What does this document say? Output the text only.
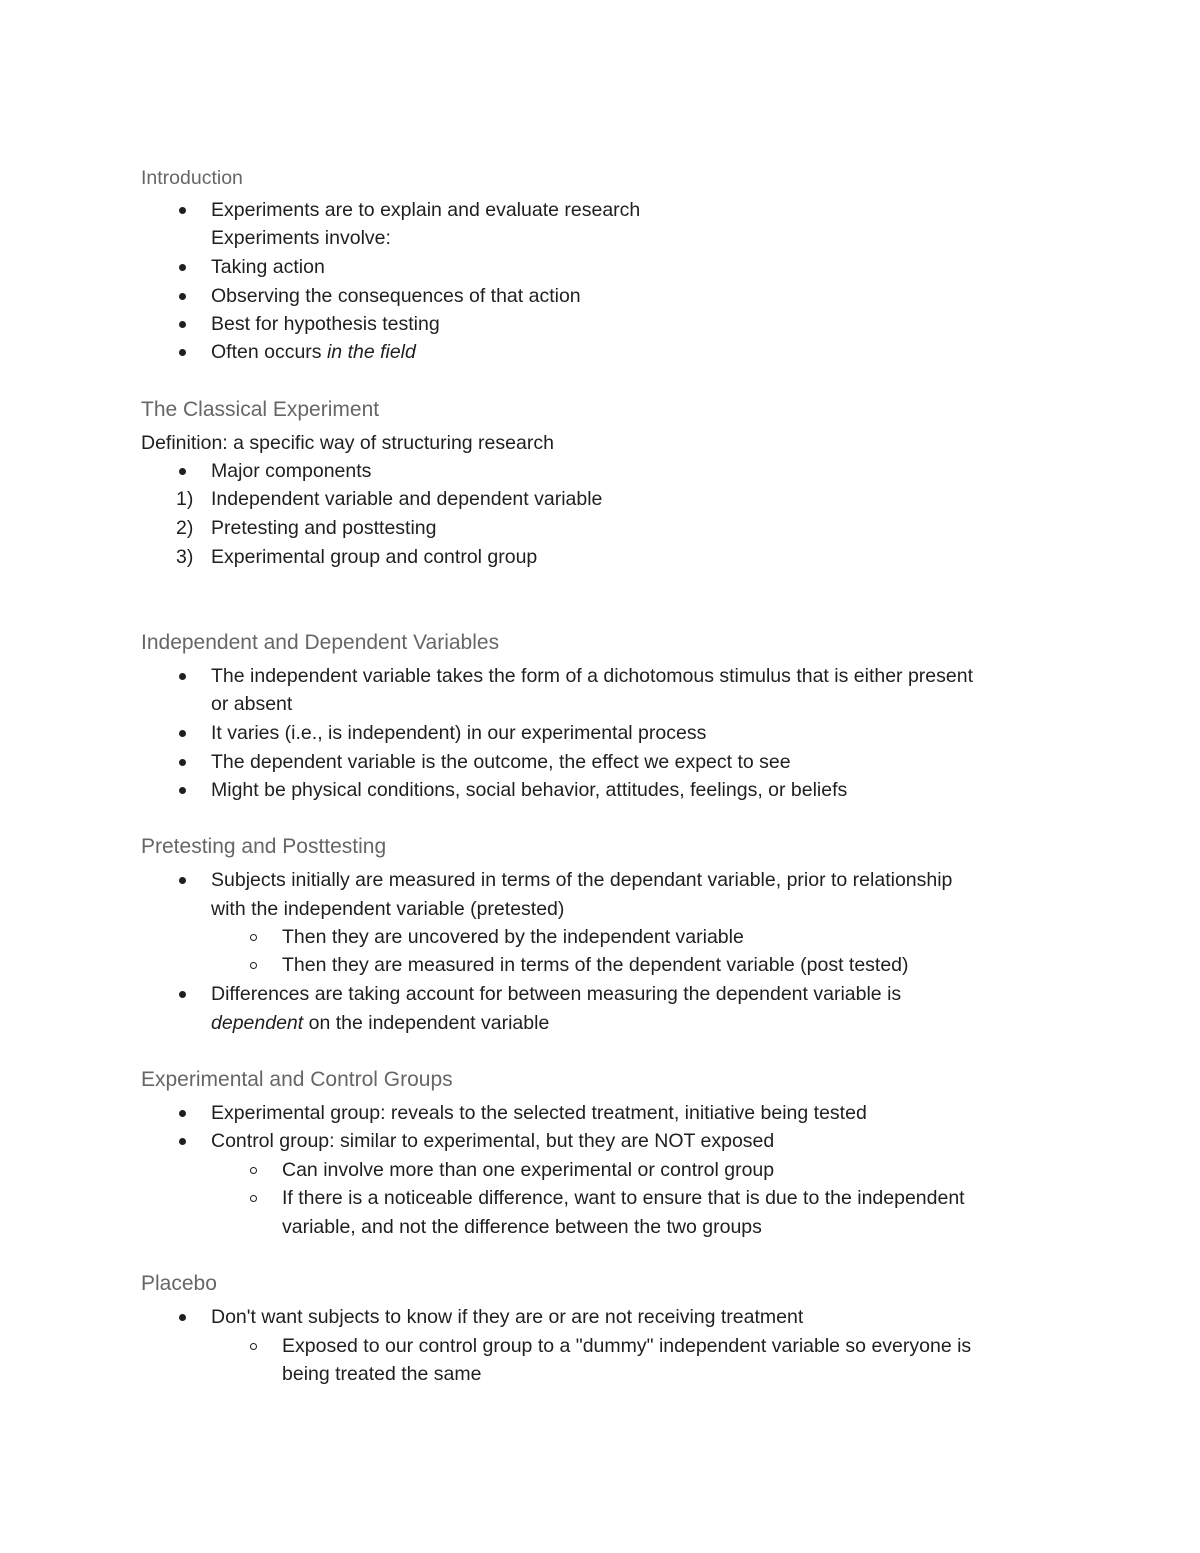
Introduction
Experiments are to explain and evaluate research
Experiments involve:
Taking action
Observing the consequences of that action
Best for hypothesis testing
Often occurs in the field
The Classical Experiment
Definition: a specific way of structuring research
Major components
1) Independent variable and dependent variable
2) Pretesting and posttesting
3) Experimental group and control group
Independent and Dependent Variables
The independent variable takes the form of a dichotomous stimulus that is either present
or absent
It varies (i.e., is independent) in our experimental process
The dependent variable is the outcome, the effect we expect to see
Might be physical conditions, social behavior, attitudes, feelings, or beliefs
Pretesting and Posttesting
Subjects initially are measured in terms of the dependant variable, prior to relationship
with the independent variable (pretested)
Then they are uncovered by the independent variable
Then they are measured in terms of the dependent variable (post tested)
Differences are taking account for between measuring the dependent variable is
dependent on the independent variable
Experimental and Control Groups
Experimental group: reveals to the selected treatment, initiative being tested
Control group: similar to experimental, but they are NOT exposed
Can involve more than one experimental or control group
If there is a noticeable difference, want to ensure that is due to the independent
variable, and not the difference between the two groups
Placebo
Don't want subjects to know if they are or are not receiving treatment
Exposed to our control group to a "dummy" independent variable so everyone is
being treated the same
